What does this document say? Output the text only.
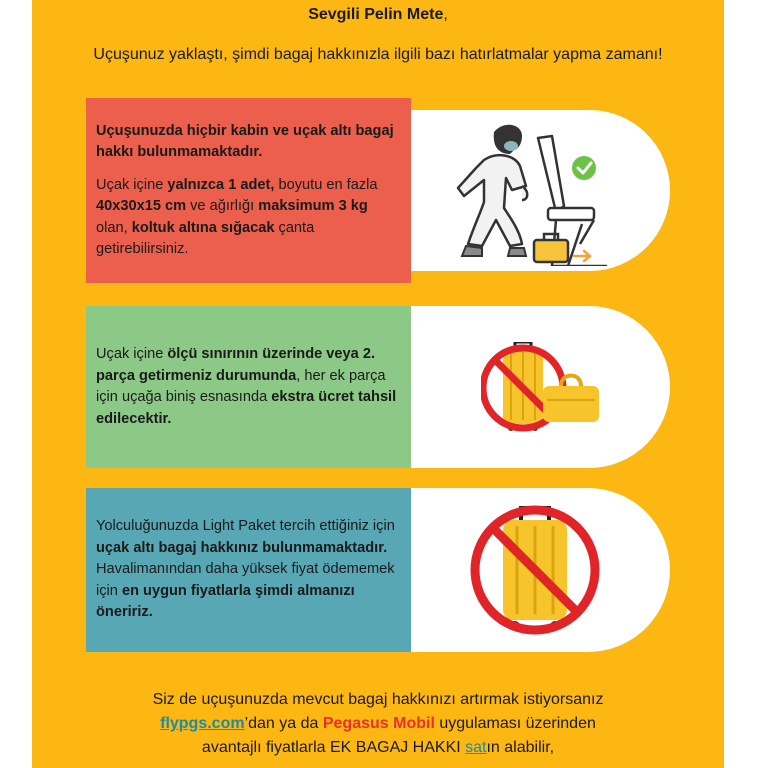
Sevgili Pelin Mete,
Uçuşunuz yaklaştı, şimdi bagaj hakkınızla ilgili bazı hatırlatmalar yapma zamanı!

Uçuşunuzda hiçbir kabin ve uçak altı bagaj hakkı bulunmamaktadır.

Uçak içine yalnızca 1 adet, boyutu en fazla 40x30x15 cm ve ağırlığı maksimum 3 kg olan, koltuk altına sığacak çanta getirebilirsiniz.

Uçak içine ölçü sınırının üzerinde veya 2. parça getirmeniz durumunda, her ek parça için uçağa biniş esnasında ekstra ücret tahsil edilecektir.

Yolculuğunuzda Light Paket tercih ettiğiniz için uçak altı bagaj hakkınız bulunmamaktadır. Havalimanından daha yüksek fiyat ödememek için en uygun fiyatlarla şimdi almanızı öneririz.

Siz de uçuşunuzda mevcut bagaj hakkınızı artırmak istiyorsanız
flypgs.com’dan ya da Pegasus Mobil uygulaması üzerinden
avantajlı fiyatlarla EK BAGAJ HAKKI satın alabilir,
